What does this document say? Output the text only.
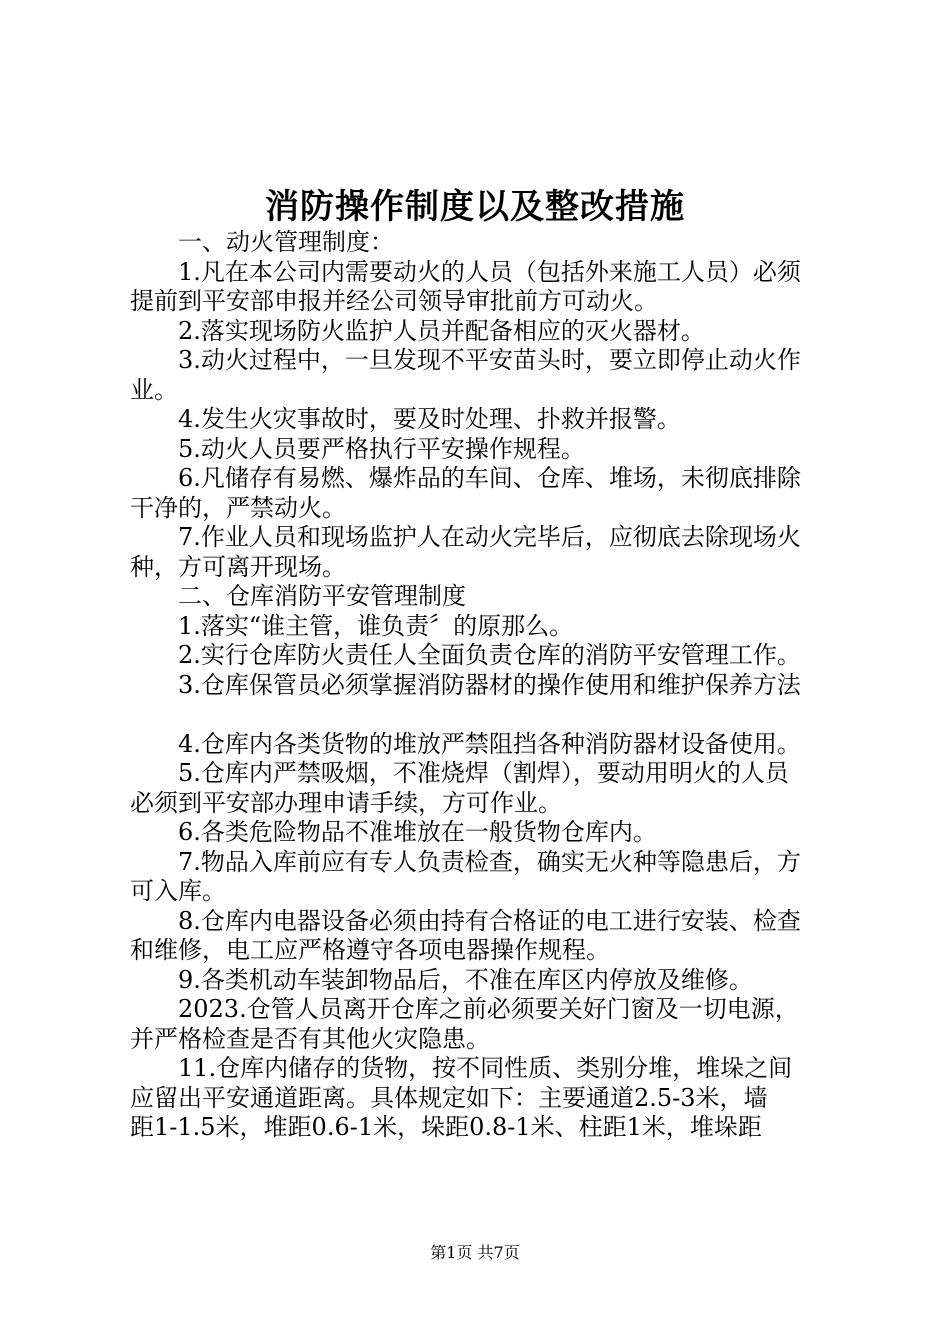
消防操作制度以及整改措施
一、动火管理制度：
1.凡在本公司内需要动火的人员（包括外来施工人员）必须
提前到平安部申报并经公司领导审批前方可动火。
2.落实现场防火监护人员并配备相应的灭火器材。
3.动火过程中，一旦发现不平安苗头时，要立即停止动火作
业。
4.发生火灾事故时，要及时处理、扑救并报警。
5.动火人员要严格执行平安操作规程。
6.凡储存有易燃、爆炸品的车间、仓库、堆场，未彻底排除
干净的，严禁动火。
7.作业人员和现场监护人在动火完毕后，应彻底去除现场火
种，方可离开现场。
二、仓库消防平安管理制度
1.落实“谁主管，谁负责〞的原那么。
2.实行仓库防火责任人全面负责仓库的消防平安管理工作。
3.仓库保管员必须掌握消防器材的操作使用和维护保养方法
4.仓库内各类货物的堆放严禁阻挡各种消防器材设备使用。
5.仓库内严禁吸烟，不准烧焊（割焊），要动用明火的人员
必须到平安部办理申请手续，方可作业。
6.各类危险物品不准堆放在一般货物仓库内。
7.物品入库前应有专人负责检查，确实无火种等隐患后，方
可入库。
8.仓库内电器设备必须由持有合格证的电工进行安装、检查
和维修，电工应严格遵守各项电器操作规程。
9.各类机动车装卸物品后，不准在库区内停放及维修。
2023.仓管人员离开仓库之前必须要关好门窗及一切电源，
并严格检查是否有其他火灾隐患。
11.仓库内储存的货物，按不同性质、类别分堆，堆垛之间
应留出平安通道距离。具体规定如下：主要通道2.5-3米，墙
距1-1.5米，堆距0.6-1米，垛距0.8-1米、柱距1米，堆垛距
第1页 共7页
